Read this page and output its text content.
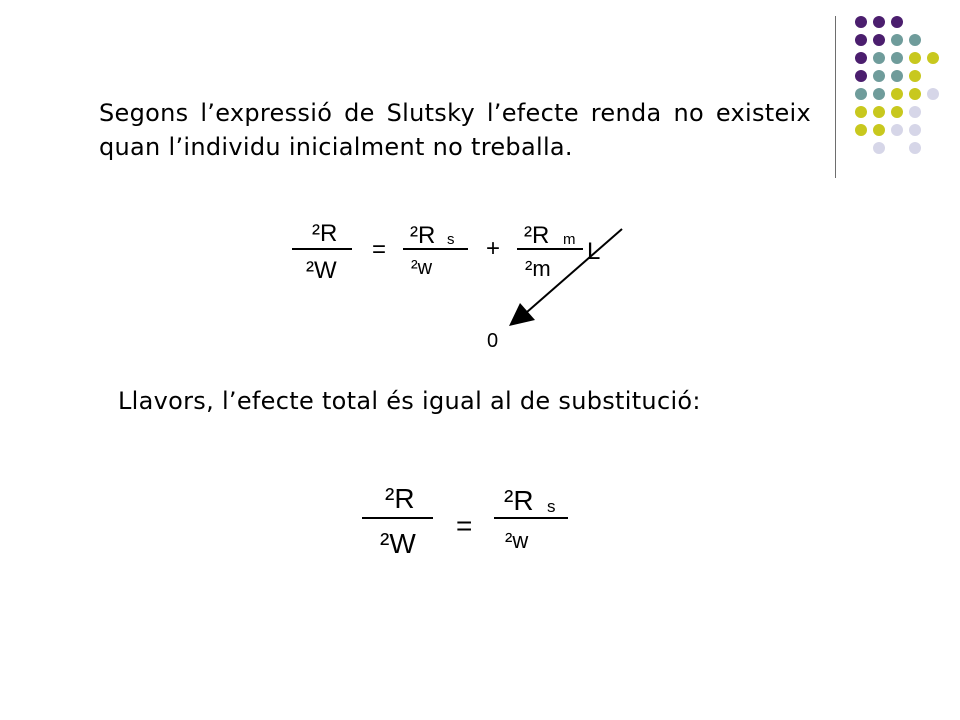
Segons l’expressió de Slutsky l’efecte renda no existeix quan l’individu inicialment no treballa.
²R
²W
=
²R s
²w
+ ²R m
²m
L
0
Llavors, l’efecte total és igual al de substitució:
²R
²W
=
²R s
²w
